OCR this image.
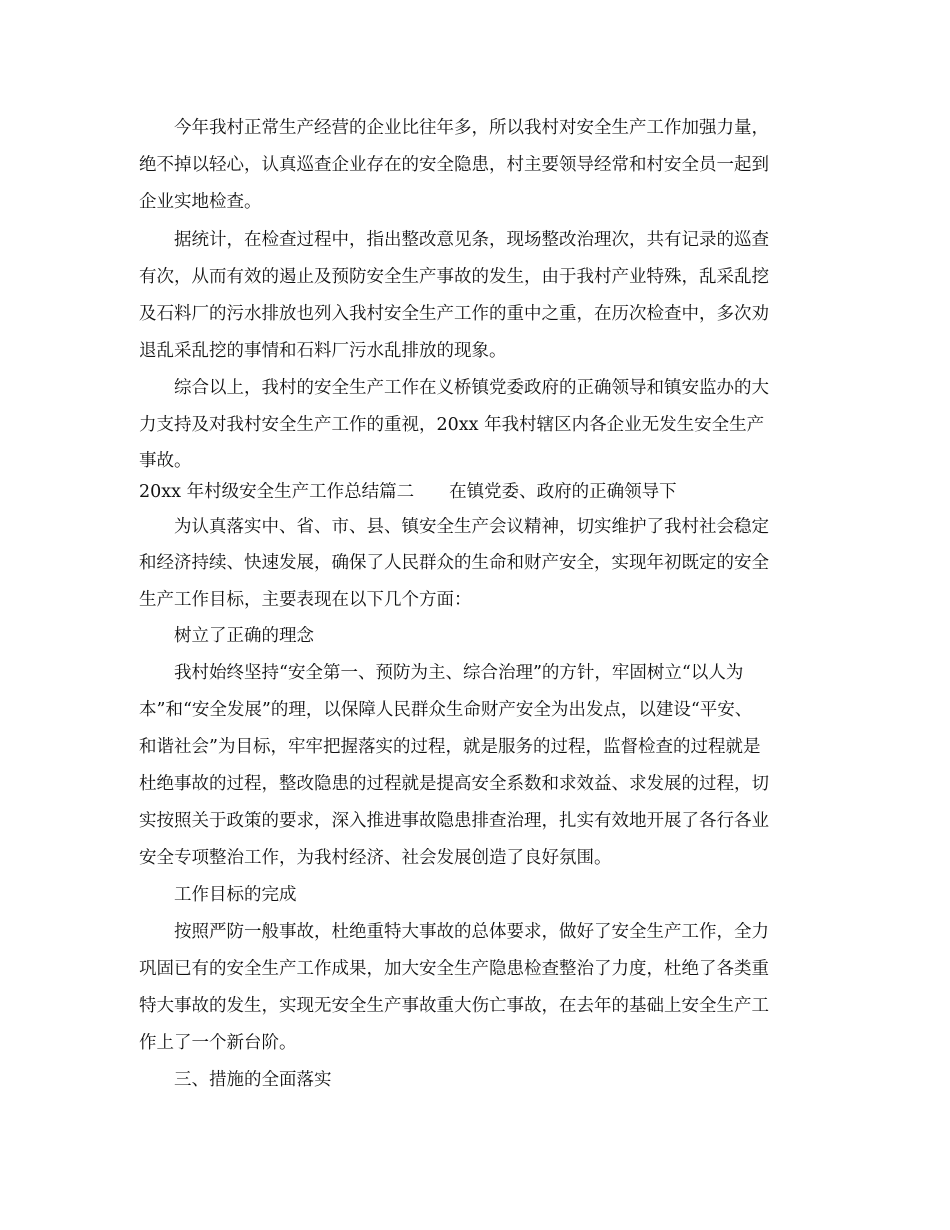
今年我村正常生产经营的企业比往年多，所以我村对安全生产工作加强力量，
绝不掉以轻心，认真巡查企业存在的安全隐患，村主要领导经常和村安全员一起到
企业实地检查。
据统计，在检查过程中，指出整改意见条，现场整改治理次，共有记录的巡查
有次，从而有效的遏止及预防安全生产事故的发生，由于我村产业特殊，乱采乱挖
及石料厂的污水排放也列入我村安全生产工作的重中之重，在历次检查中，多次劝
退乱采乱挖的事情和石料厂污水乱排放的现象。
综合以上，我村的安全生产工作在义桥镇党委政府的正确领导和镇安监办的大
力支持及对我村安全生产工作的重视，20xx 年我村辖区内各企业无发生安全生产
事故。
20xx 年村级安全生产工作总结篇二　　在镇党委、政府的正确领导下
为认真落实中、省、市、县、镇安全生产会议精神，切实维护了我村社会稳定
和经济持续、快速发展，确保了人民群众的生命和财产安全，实现年初既定的安全
生产工作目标，主要表现在以下几个方面：
树立了正确的理念
我村始终坚持“安全第一、预防为主、综合治理”的方针，牢固树立“以人为
本”和“安全发展”的理，以保障人民群众生命财产安全为出发点，以建设“平安、
和谐社会”为目标，牢牢把握落实的过程，就是服务的过程，监督检查的过程就是
杜绝事故的过程，整改隐患的过程就是提高安全系数和求效益、求发展的过程，切
实按照关于政策的要求，深入推进事故隐患排查治理，扎实有效地开展了各行各业
安全专项整治工作，为我村经济、社会发展创造了良好氛围。
工作目标的完成
按照严防一般事故，杜绝重特大事故的总体要求，做好了安全生产工作，全力
巩固已有的安全生产工作成果，加大安全生产隐患检查整治了力度，杜绝了各类重
特大事故的发生，实现无安全生产事故重大伤亡事故，在去年的基础上安全生产工
作上了一个新台阶。
三、措施的全面落实
